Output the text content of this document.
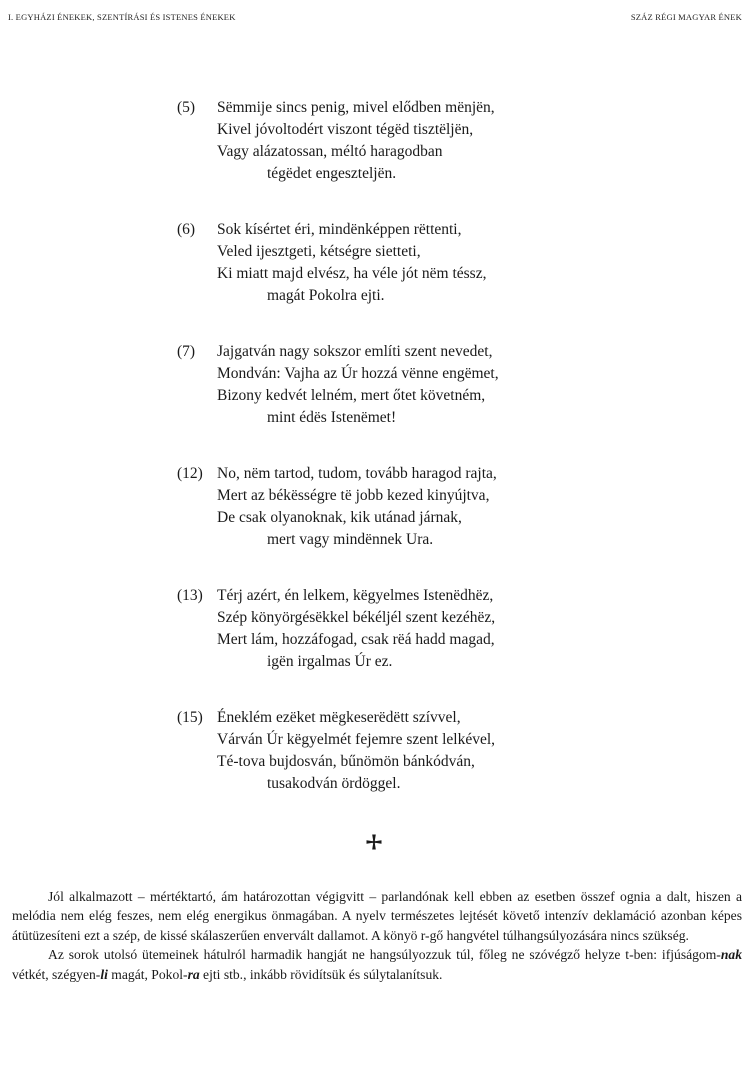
I. EGYHÁZI ÉNEKEK, SZENTÍRÁSI ÉS ISTENES ÉNEKEK	SZÁZ RÉGI MAGYAR ÉNEK
(5) Sëmmije sincs penig, mivel elődben mënjën,
Kivel jóvoltodért viszont tégëd tisztëljën,
Vagy alázatossan, méltó haragodban
tégëdet engeszteljën.
(6) Sok kísértet éri, mindënképpen rëttenti,
Veled ijesztgeti, kétségre sietteti,
Ki miatt majd elvész, ha véle jót nëm téssz,
magát Pokolra ejti.
(7) Jajgatván nagy sokszor említi szent nevedet,
Mondván: Vajha az Úr hozzá vënne engëmet,
Bizony kedvét lelném, mert őtet követném,
mint édës Istenëmet!
(12) No, nëm tartod, tudom, tovább haragod rajta,
Mert az békësségre të jobb kezed kinyújtva,
De csak olyanoknak, kik utánad járnak,
mert vagy mindënnek Ura.
(13) Térj azért, én lelkem, këgyelmes Istenëdhëz,
Szép könyörgésëkkel békéljél szent kezéhëz,
Mert lám, hozzáfogad, csak rëá hadd magad,
igën irgalmas Úr ez.
(15) Éneklém ezëket mëgkeserëdëtt szívvel,
Várván Úr këgyelmét fejemre szent lelkével,
Té-tova bujdosván, bűnömön bánkódván,
tusakodván ördöggel.

Jól alkalmazott – mértéktartó, ám határozottan végigvitt – parlandónak kell ebben az esetben összef ognia a dalt, hiszen a melódia nem elég feszes, nem elég energikus önmagában. A nyelv természetes lejtését követő intenzív deklamáció azonban képes átütüzesíteni ezt a szép, de kissé skálaszerűen envervált dallamot. A könyö r-gő hangvétel túlhangsúlyozására nincs szükség.

Az sorok utolsó ütemeinek hátulról harmadik hangját ne hangsúlyozzuk túl, főleg ne szóvégző helyze t-ben: ifjúságom-nak vétkét, szégyen-li magát, Pokol-ra ejti stb., inkább rövidítsük és súlytalanítsuk.
